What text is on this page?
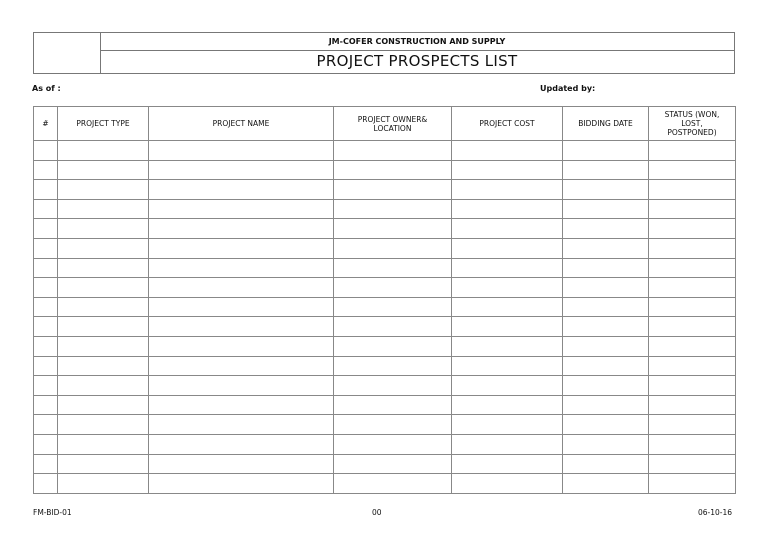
JM-COFER CONSTRUCTION AND SUPPLY
PROJECT PROSPECTS LIST
As of :	Updated by:
#	PROJECT TYPE	PROJECT NAME	PROJECT OWNER& LOCATION	PROJECT COST	BIDDING DATE	STATUS (WON, LOST, POSTPONED)

FM-BID-01	00	06-10-16
